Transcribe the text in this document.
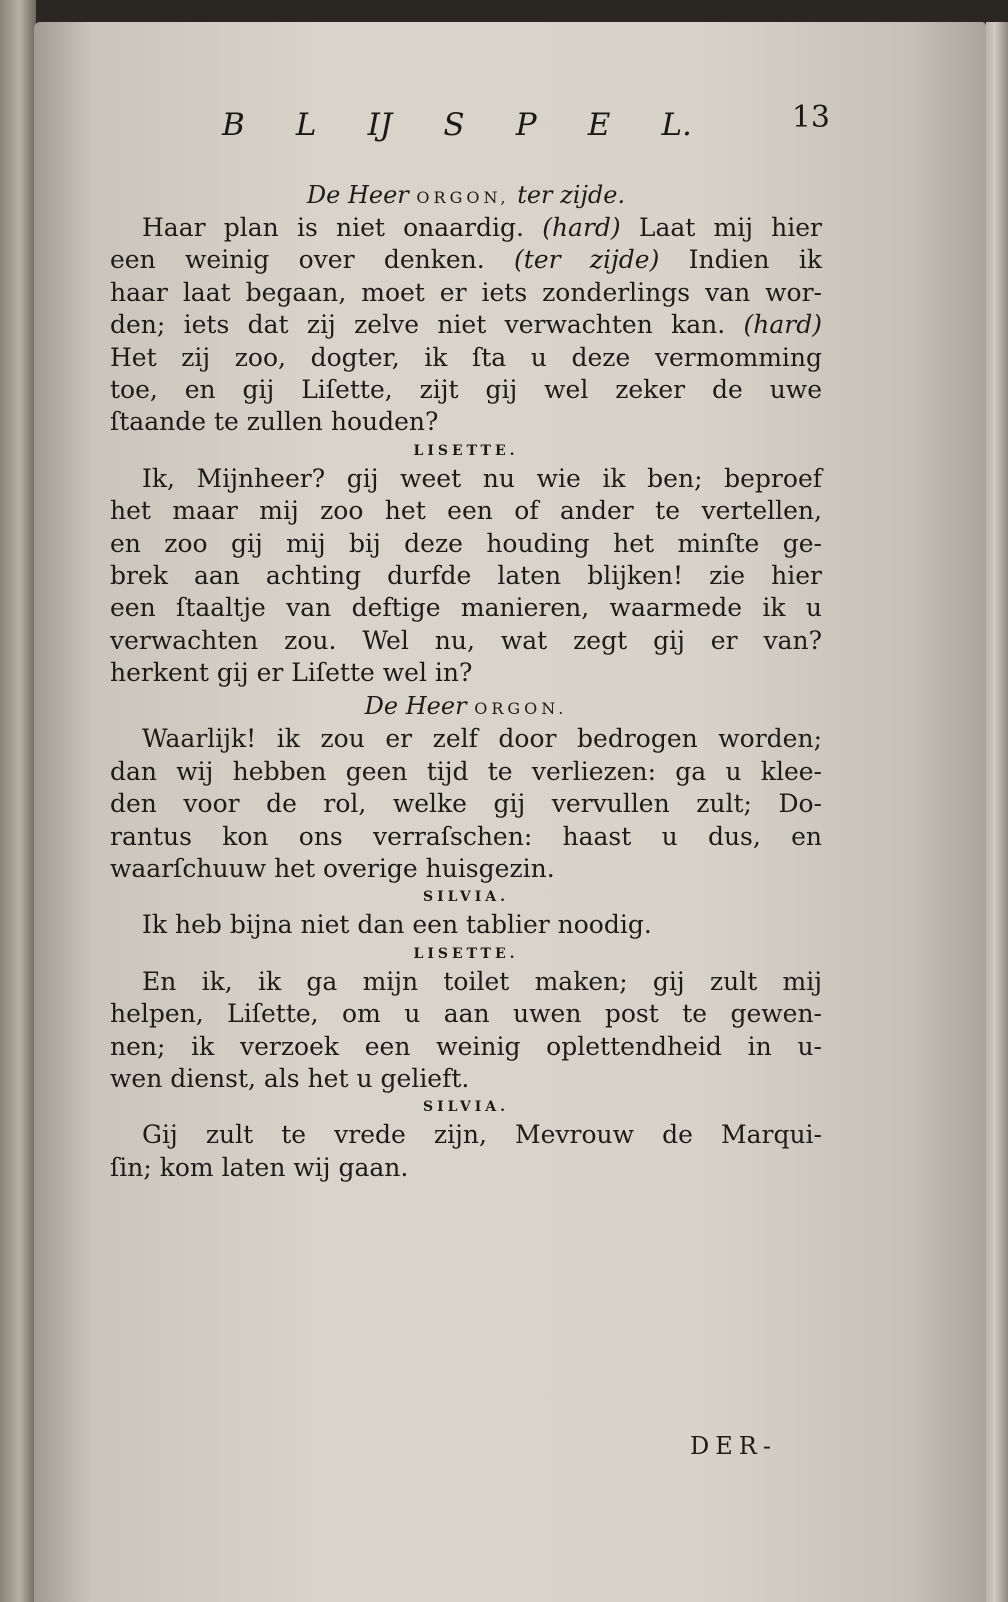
B L IJ S P E L.	13
De Heer ORGON, ter zijde.
Haar plan is niet onaardig. (hard) Laat mij hier
een weinig over denken. (ter zijde) Indien ik
haar laat begaan, moet er iets zonderlings van wor-
den; iets dat zij zelve niet verwachten kan. (hard)
Het zij zoo, dogter, ik ſta u deze vermomming
toe, en gij Liſette, zijt gij wel zeker de uwe
ſtaande te zullen houden?
LISETTE.
Ik, Mijnheer? gij weet nu wie ik ben; beproef
het maar mij zoo het een of ander te vertellen,
en zoo gij mij bij deze houding het minſte ge-
brek aan achting durfde laten blijken! zie hier
een ſtaaltje van deftige manieren, waarmede ik u
verwachten zou. Wel nu, wat zegt gij er van?
herkent gij er Liſette wel in?
De Heer ORGON.
Waarlijk! ik zou er zelf door bedrogen worden;
dan wij hebben geen tijd te verliezen: ga u klee-
den voor de rol, welke gij vervullen zult; Do-
rantus kon ons verraſschen: haast u dus, en
waarſchuuw het overige huisgezin.
SILVIA.
Ik heb bijna niet dan een tablier noodig.
LISETTE.
En ik, ik ga mijn toilet maken; gij zult mij
helpen, Liſette, om u aan uwen post te gewen-
nen; ik verzoek een weinig oplettendheid in u-
wen dienst, als het u gelieft.
SILVIA.
Gij zult te vrede zijn, Mevrouw de Marqui-
ſin; kom laten wij gaan.
DER-
